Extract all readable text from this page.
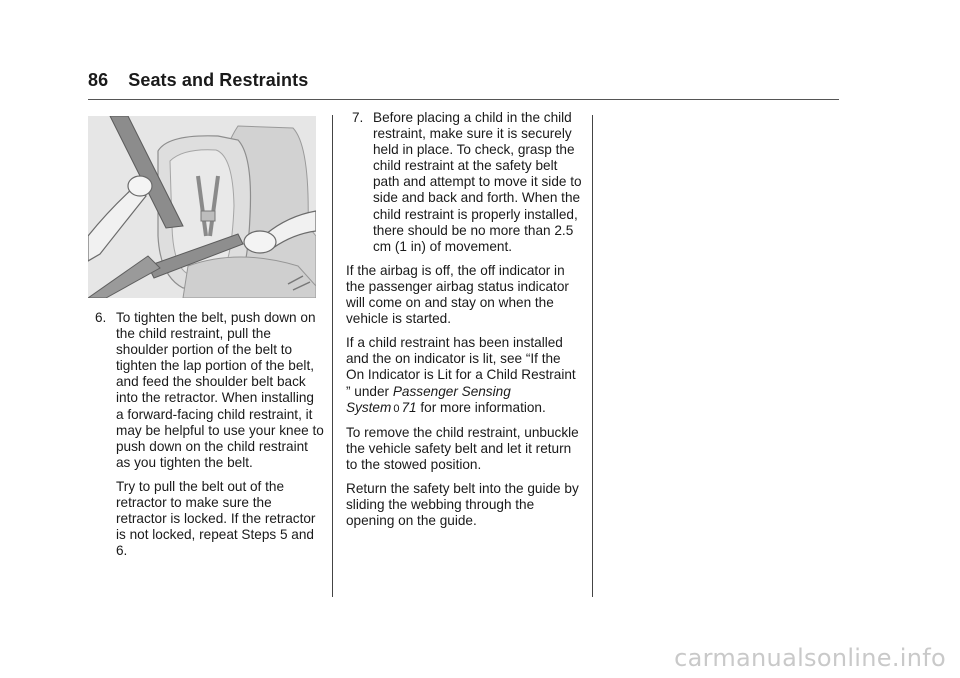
86 Seats and Restraints
6. To tighten the belt, push down on the child restraint, pull the shoulder portion of the belt to tighten the lap portion of the belt, and feed the shoulder belt back into the retractor. When installing a forward-facing child restraint, it may be helpful to use your knee to push down on the child restraint as you tighten the belt.

Try to pull the belt out of the retractor to make sure the retractor is locked. If the retractor is not locked, repeat Steps 5 and 6.

7. Before placing a child in the child restraint, make sure it is securely held in place. To check, grasp the child restraint at the safety belt path and attempt to move it side to side and back and forth. When the child restraint is properly installed, there should be no more than 2.5 cm (1 in) of movement.

If the airbag is off, the off indicator in the passenger airbag status indicator will come on and stay on when the vehicle is started.

If a child restraint has been installed and the on indicator is lit, see “If the On Indicator is Lit for a Child Restraint ” under Passenger Sensing System 0 71 for more information.

To remove the child restraint, unbuckle the vehicle safety belt and let it return to the stowed position.

Return the safety belt into the guide by sliding the webbing through the opening on the guide.

carmanualsonline.info
